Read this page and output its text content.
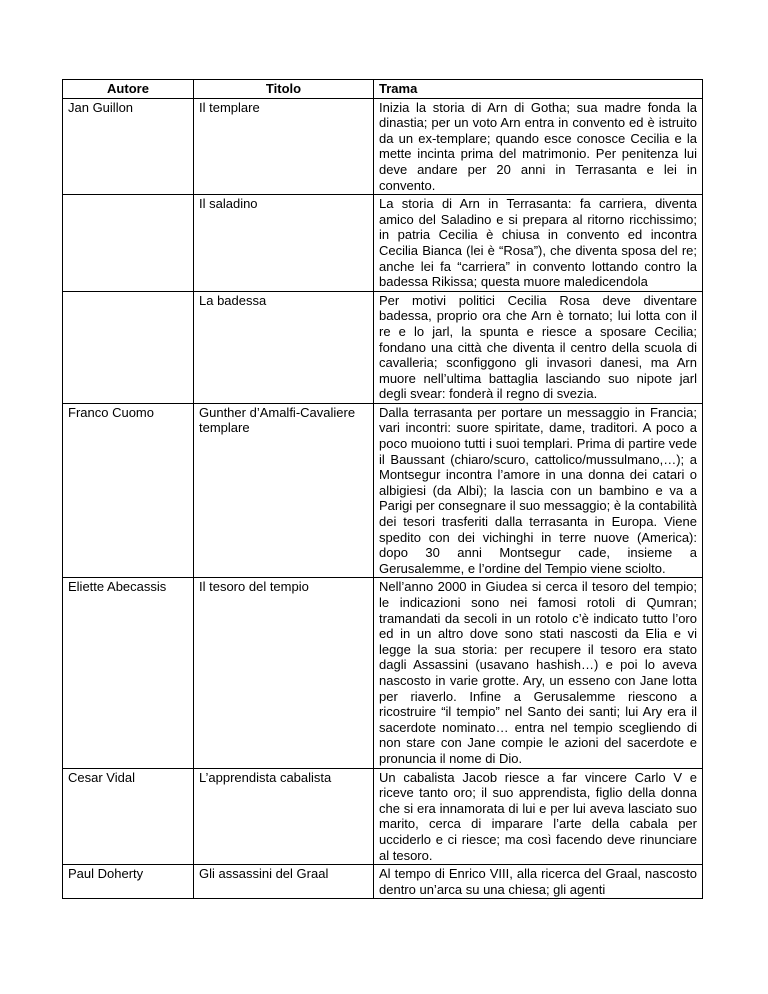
Autore	Titolo	Trama
Jan Guillon	Il templare	Inizia la storia di Arn di Gotha; sua madre fonda la dinastia; per un voto Arn entra in convento ed è istruito da un ex-templare; quando esce conosce Cecilia e la mette incinta prima del matrimonio. Per penitenza lui deve andare per 20 anni in Terrasanta e lei in convento.
	Il saladino	La storia di Arn in Terrasanta: fa carriera, diventa amico del Saladino e si prepara al ritorno ricchissimo; in patria Cecilia è chiusa in convento ed incontra Cecilia Bianca (lei è “Rosa”), che diventa sposa del re; anche lei fa “carriera” in convento lottando contro la badessa Rikissa; questa muore maledicendola
	La badessa	Per motivi politici Cecilia Rosa deve diventare badessa, proprio ora che Arn è tornato; lui lotta con il re e lo jarl, la spunta e riesce a sposare Cecilia; fondano una città che diventa il centro della scuola di cavalleria; sconfiggono gli invasori danesi, ma Arn muore nell’ultima battaglia lasciando suo nipote jarl degli svear: fonderà il regno di svezia.
Franco Cuomo	Gunther d’Amalfi-Cavaliere templare	Dalla terrasanta per portare un messaggio in Francia; vari incontri: suore spiritate, dame, traditori. A poco a poco muoiono tutti i suoi templari. Prima di partire vede il Baussant (chiaro/scuro, cattolico/mussulmano,…); a Montsegur incontra l’amore in una donna dei catari o albigiesi (da Albi); la lascia con un bambino e va a Parigi per consegnare il suo messaggio; è la contabilità dei tesori trasferiti dalla terrasanta in Europa. Viene spedito con dei vichinghi in terre nuove (America): dopo 30 anni Montsegur cade, insieme a Gerusalemme, e l’ordine del Tempio viene sciolto.
Eliette Abecassis	Il tesoro del tempio	Nell’anno 2000 in Giudea si cerca il tesoro del tempio; le indicazioni sono nei famosi rotoli di Qumran; tramandati da secoli in un rotolo c’è indicato tutto l’oro ed in un altro dove sono stati nascosti da Elia e vi legge la sua storia: per recupere il tesoro era stato dagli Assassini (usavano hashish…) e poi lo aveva nascosto in varie grotte. Ary, un esseno con Jane lotta per riaverlo. Infine a Gerusalemme riescono a ricostruire “il tempio” nel Santo dei santi; lui Ary era il sacerdote nominato… entra nel tempio scegliendo di non stare con Jane compie le azioni del sacerdote e pronuncia il nome di Dio.
Cesar Vidal	L’apprendista cabalista	Un cabalista Jacob riesce a far vincere Carlo V e riceve tanto oro; il suo apprendista, figlio della donna che si era innamorata di lui e per lui aveva lasciato suo marito, cerca di imparare l’arte della cabala per ucciderlo e ci riesce; ma così facendo deve rinunciare al tesoro.
Paul Doherty	Gli assassini del Graal	Al tempo di Enrico VIII, alla ricerca del Graal, nascosto dentro un’arca su una chiesa; gli agenti
